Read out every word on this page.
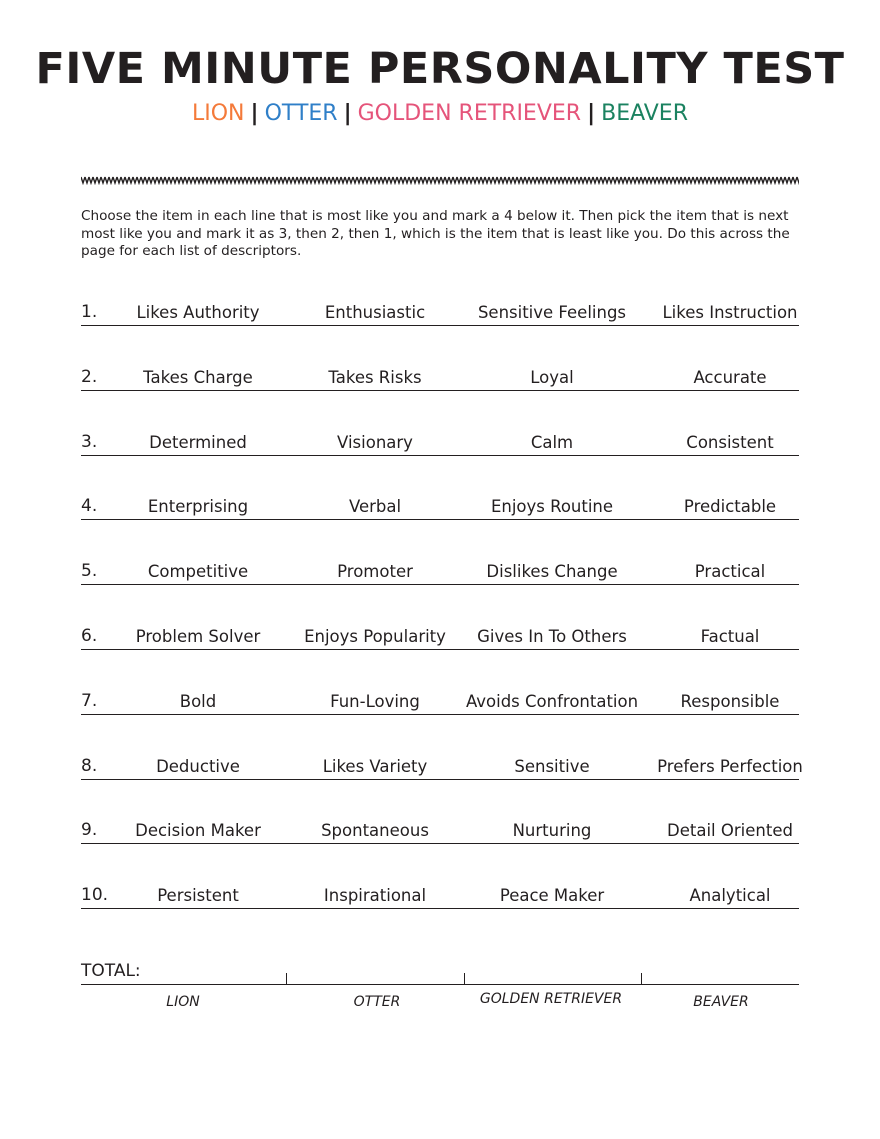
FIVE MINUTE PERSONALITY TEST
LION | OTTER | GOLDEN RETRIEVER | BEAVER
Choose the item in each line that is most like you and mark a 4 below it. Then pick the item that is next most like you and mark it as 3, then 2, then 1, which is the item that is least like you. Do this across the page for each list of descriptors.
1.	Likes Authority	Enthusiastic	Sensitive Feelings	Likes Instruction
2.	Takes Charge	Takes Risks	Loyal	Accurate
3.	Determined	Visionary	Calm	Consistent
4.	Enterprising	Verbal	Enjoys Routine	Predictable
5.	Competitive	Promoter	Dislikes Change	Practical
6.	Problem Solver	Enjoys Popularity	Gives In To Others	Factual
7.	Bold	Fun-Loving	Avoids Confrontation	Responsible
8.	Deductive	Likes Variety	Sensitive	Prefers Perfection
9.	Decision Maker	Spontaneous	Nurturing	Detail Oriented
10.	Persistent	Inspirational	Peace Maker	Analytical
TOTAL:
LION	OTTER	GOLDEN RETRIEVER	BEAVER
